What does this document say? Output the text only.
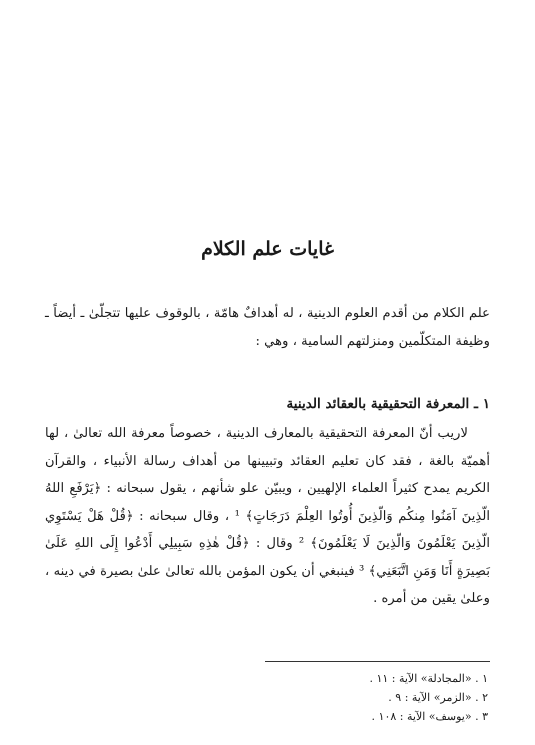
غايات علم الكلام

علم الكلام من أقدم العلوم الدينية ، له أهدافٌ هامّة ، بالوقوف عليها تتجلّىٰ ـ أيضاً ـ وظيفة المتكلّمين ومنزلتهم السامية ، وهي :

١ ـ المعرفة التحقيقية بالعقائد الدينية

لاريب أنّ المعرفة التحقيقية بالمعارف الدينية ، خصوصاً معرفة الله تعالىٰ ، لها أهميّة بالغة ، فقد كان تعليم العقائد وتبيينها من أهداف رسالة الأنبياء ، والقرآن الكريم يمدح كثيراً العلماء الإلهيين ، ويبيّن علو شأنهم ، يقول سبحانه : ﴿يَرْفَعِ اللهُ الّذِينَ آمَنُوا مِنكُم وَالّذِينَ أُوتُوا العِلْمَ دَرَجَاتٍ﴾ ¹ ، وقال سبحانه : ﴿قُلْ هَلْ يَسْتَوِي الّذِينَ يَعْلَمُونَ وَالّذِينَ لَا يَعْلَمُونَ﴾ ² وقال : ﴿قُلْ هٰذِهِ سَبِيلِي أَدْعُوا إِلَى اللهِ عَلَىٰ بَصِيرَةٍ أَنَا وَمَنِ اتَّبَعَنِي﴾ ³ فينبغي أن يكون المؤمن بالله تعالىٰ علىٰ بصيرة في دينه ، وعلىٰ يقين من أمره .

١ . «المجادلة» الآية : ١١ .
٢ . «الزمر» الآية : ٩ .
٣ . «يوسف» الآية : ١٠٨ .
